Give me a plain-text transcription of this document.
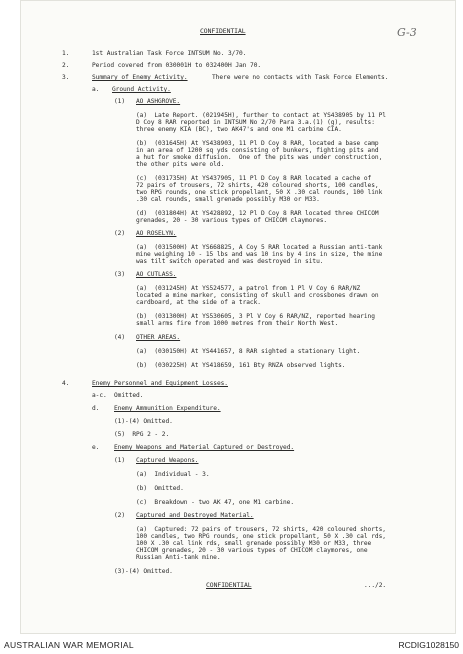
CONFIDENTIAL	G-3
1.	1st Australian Task Force INTSUM No. 3/70.
2.	Period covered from 030001H to 032400H Jan 70.
3.	Summary of Enemy Activity.	There were no contacts with Task Force Elements.
a. Ground Activity.
(1) AO ASHGROVE.
(a)  Late Report. (021945H), further to contact at YS438905 by 11 Pl
D Coy 8 RAR reported in INTSUM No 2/70 Para 3.a.(1) (g), results:
three enemy KIA (BC), two AK47's and one M1 carbine CIA.
(b)  (031645H) At YS438903, 11 Pl D Coy 8 RAR, located a base camp
in an area of 1200 sq yds consisting of bunkers, fighting pits and
a hut for smoke diffusion.  One of the pits was under construction,
the other pits were old.
(c)  (031735H) At YS437905, 11 Pl D Coy 8 RAR located a cache of
72 pairs of trousers, 72 shirts, 420 coloured shorts, 100 candles,
two RPG rounds, one stick propellant, 50 X .30 cal rounds, 100 link
.30 cal rounds, small grenade possibly M30 or M33.
(d)  (031804H) At YS428892, 12 Pl D Coy 8 RAR located three CHICOM
grenades, 20 - 30 various types of CHICOM claymores.
(2) AO ROSELYN.
(a)  (031500H) At YS668825, A Coy 5 RAR located a Russian anti-tank
mine weighing 10 - 15 lbs and was 10 ins by 4 ins in size, the mine
was tilt switch operated and was destroyed in situ.
(3) AO CUTLASS.
(a)  (031245H) At YS524577, a patrol from 1 Pl V Coy 6 RAR/NZ
located a mine marker, consisting of skull and crossbones drawn on
cardboard, at the side of a track.
(b)  (031300H) At YS530605, 3 Pl V Coy 6 RAR/NZ, reported hearing
small arms fire from 1000 metres from their North West.
(4) OTHER AREAS.
(a)  (030150H) At YS441657, 8 RAR sighted a stationary light.
(b)  (030225H) At YS418659, 161 Bty RNZA observed lights.
4.	Enemy Personnel and Equipment Losses.
a-c. Omitted.
d. Enemy Ammunition Expenditure.
(1)-(4) Omitted.
(5)  RPG 2 - 2.
e. Enemy Weapons and Material Captured or Destroyed.
(1) Captured Weapons.
(a)  Individual - 3.
(b)  Omitted.
(c)  Breakdown - two AK 47, one M1 carbine.
(2) Captured and Destroyed Material.
(a)  Captured: 72 pairs of trousers, 72 shirts, 420 coloured shorts,
100 candles, two RPG rounds, one stick propellant, 50 X .30 cal rds,
100 X .30 cal link rds, small grenade possibly M30 or M33, three
CHICOM grenades, 20 - 30 various types of CHICOM claymores, one
Russian Anti-tank mine.
(3)-(4) Omitted.
CONFIDENTIAL	.../2.
AUSTRALIAN WAR MEMORIAL	RCDIG1028150
